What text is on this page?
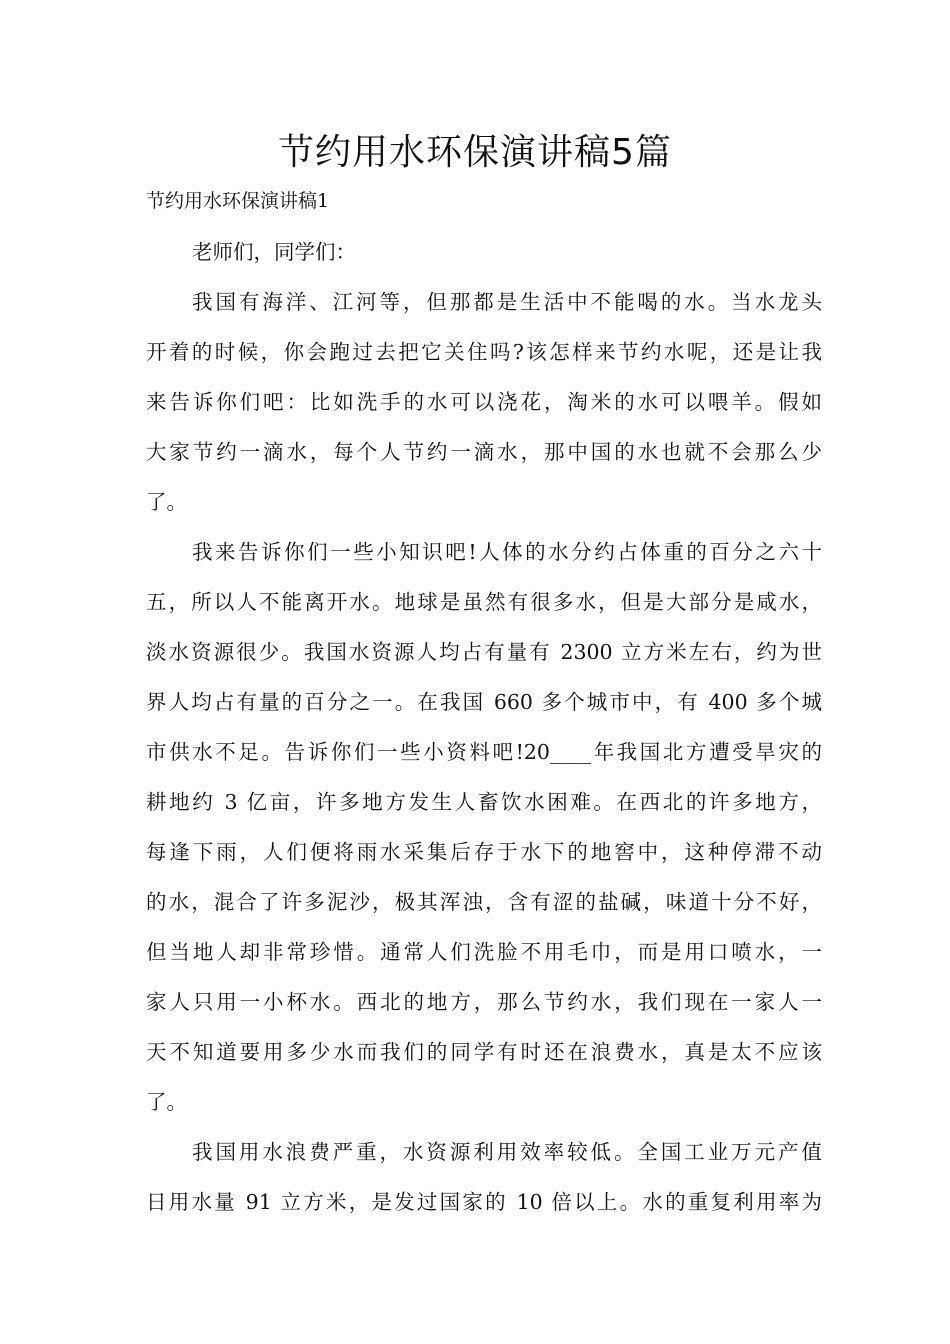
节约用水环保演讲稿5篇
节约用水环保演讲稿1
老师们，同学们：
我国有海洋、江河等，但那都是生活中不能喝的水。当水龙头
开着的时候，你会跑过去把它关住吗?该怎样来节约水呢，还是让我
来告诉你们吧：比如洗手的水可以浇花，淘米的水可以喂羊。假如
大家节约一滴水，每个人节约一滴水，那中国的水也就不会那么少
了。
我来告诉你们一些小知识吧!人体的水分约占体重的百分之六十
五，所以人不能离开水。地球是虽然有很多水，但是大部分是咸水，
淡水资源很少。我国水资源人均占有量有 2300 立方米左右，约为世
界人均占有量的百分之一。在我国 660 多个城市中，有 400 多个城
市供水不足。告诉你们一些小资料吧!20____年我国北方遭受旱灾的
耕地约 3 亿亩，许多地方发生人畜饮水困难。在西北的许多地方，
每逢下雨，人们便将雨水采集后存于水下的地窖中，这种停滞不动
的水，混合了许多泥沙，极其浑浊，含有涩的盐碱，味道十分不好，
但当地人却非常珍惜。通常人们洗脸不用毛巾，而是用口喷水，一
家人只用一小杯水。西北的地方，那么节约水，我们现在一家人一
天不知道要用多少水而我们的同学有时还在浪费水，真是太不应该
了。
我国用水浪费严重，水资源利用效率较低。全国工业万元产值
日用水量 91 立方米，是发过国家的 10 倍以上。水的重复利用率为
